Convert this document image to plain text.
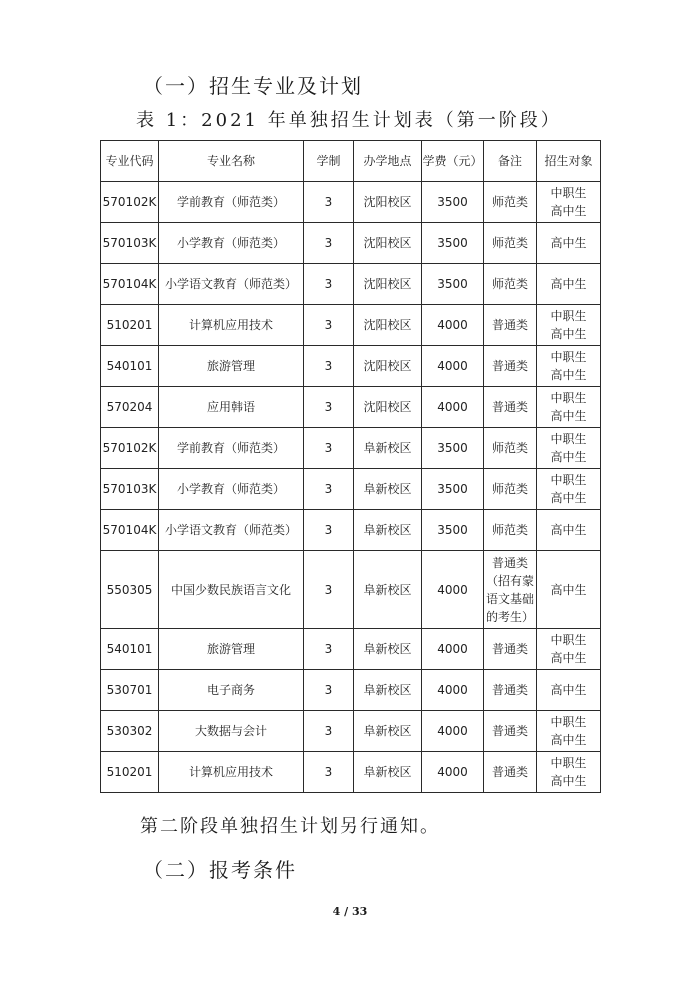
（一）招生专业及计划
表 1：2021 年单独招生计划表（第一阶段）
专业代码	专业名称	学制	办学地点	学费（元）	备注	招生对象
570102K	学前教育（师范类）	3	沈阳校区	3500	师范类	中职生
高中生
570103K	小学教育（师范类）	3	沈阳校区	3500	师范类	高中生
570104K	小学语文教育（师范类）	3	沈阳校区	3500	师范类	高中生
510201	计算机应用技术	3	沈阳校区	4000	普通类	中职生
高中生
540101	旅游管理	3	沈阳校区	4000	普通类	中职生
高中生
570204	应用韩语	3	沈阳校区	4000	普通类	中职生
高中生
570102K	学前教育（师范类）	3	阜新校区	3500	师范类	中职生
高中生
570103K	小学教育（师范类）	3	阜新校区	3500	师范类	中职生
高中生
570104K	小学语文教育（师范类）	3	阜新校区	3500	师范类	高中生
550305	中国少数民族语言文化	3	阜新校区	4000	普通类
（招有蒙
语文基础
的考生）	高中生
540101	旅游管理	3	阜新校区	4000	普通类	中职生
高中生
530701	电子商务	3	阜新校区	4000	普通类	高中生
530302	大数据与会计	3	阜新校区	4000	普通类	中职生
高中生
510201	计算机应用技术	3	阜新校区	4000	普通类	中职生
高中生
第二阶段单独招生计划另行通知。
（二）报考条件
4 / 33
